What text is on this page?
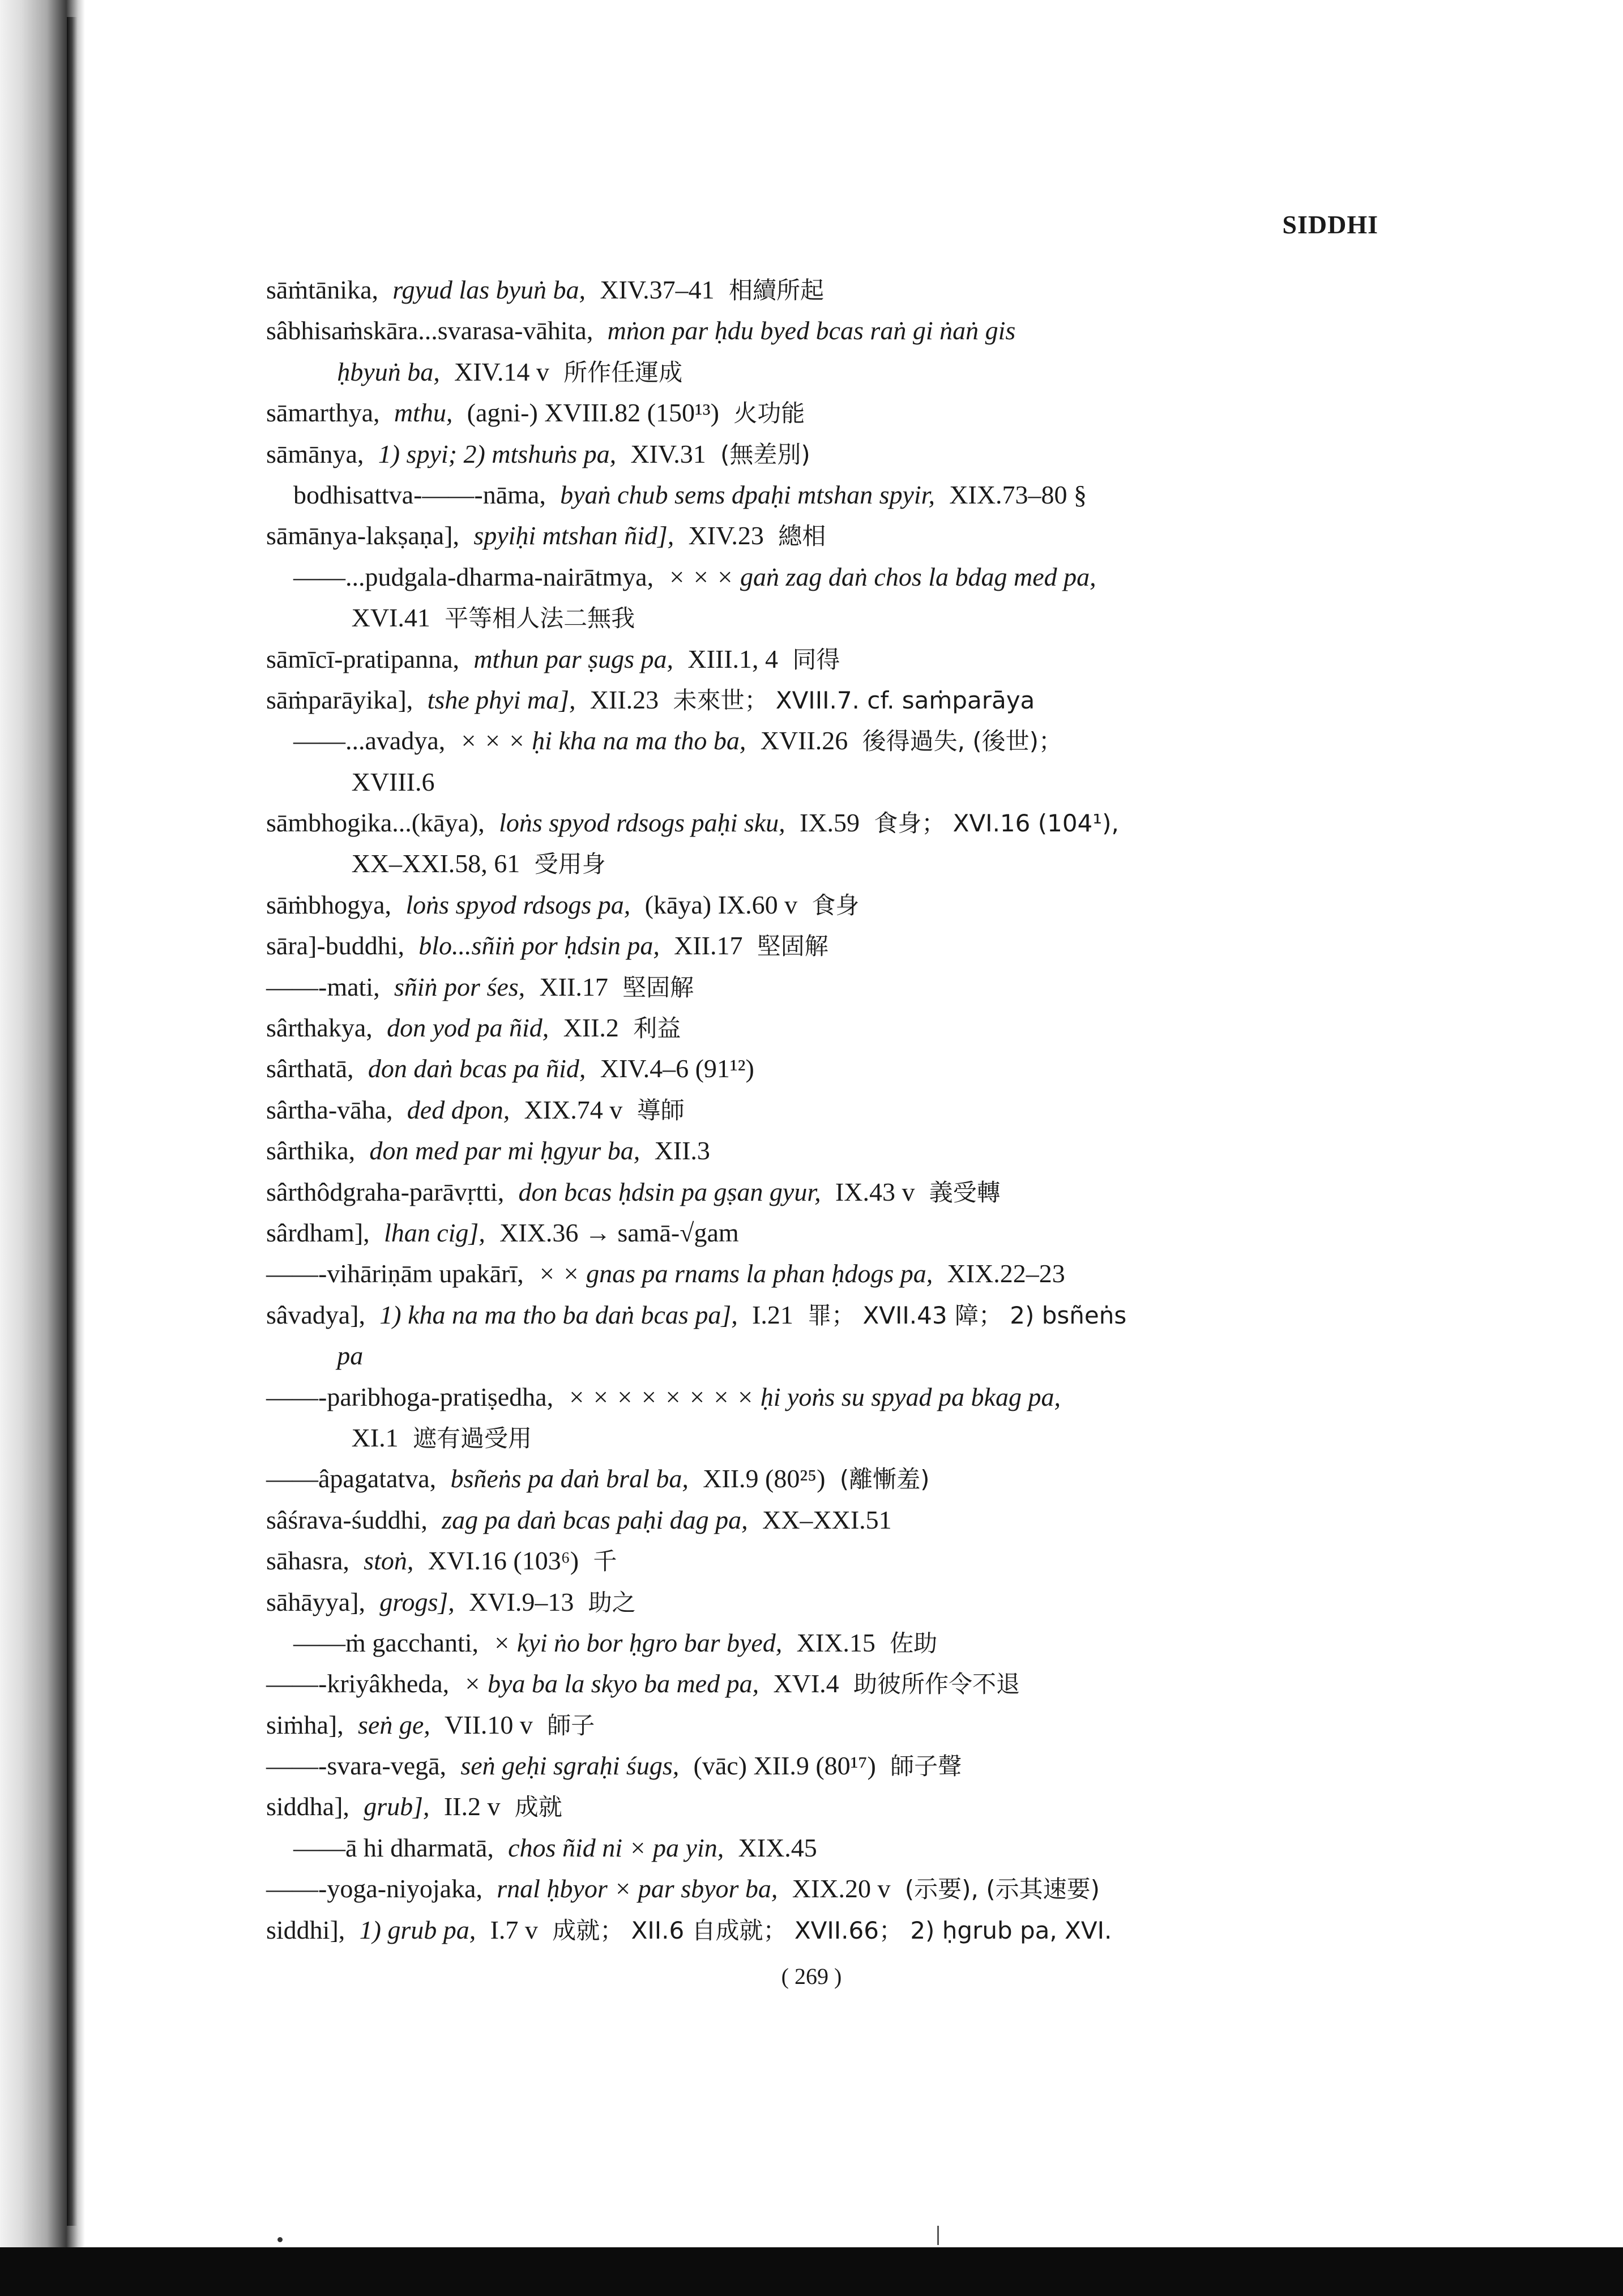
SIDDHI
sāṁtānika, rgyud las byuṅ ba, XIV.37–41 相續所起
sâbhisaṁskāra...svarasa-vāhita, mṅon par ḥdu byed bcas raṅ gi ṅaṅ gis
ḥbyuṅ ba, XIV.14 v 所作任運成
sāmarthya, mthu, (agni-) XVIII.82 (150¹³) 火功能
sāmānya, 1) spyi; 2) mtshuṅs pa, XIV.31 (無差別)
bodhisattva-——-nāma, byaṅ chub sems dpaḥi mtshan spyir, XIX.73–80 §
sāmānya-lakṣaṇa], spyiḥi mtshan ñid], XIV.23 總相
——...pudgala-dharma-nairātmya, × × × gaṅ zag daṅ chos la bdag med pa,
XVI.41 平等相人法二無我
sāmīcī-pratipanna, mthun par ṣugs pa, XIII.1, 4 同得
sāṁparāyika], tshe phyi ma], XII.23 未來世； XVIII.7. cf. saṁparāya
——...avadya, × × × ḥi kha na ma tho ba, XVII.26 後得過失, (後世)；
XVIII.6
sāmbhogika...(kāya), loṅs spyod rdsogs paḥi sku, IX.59 食身； XVI.16 (104¹),
XX–XXI.58, 61 受用身
sāṁbhogya, loṅs spyod rdsogs pa, (kāya) IX.60 v 食身
sāra]-buddhi, blo...sñiṅ por ḥdsin pa, XII.17 堅固解
——-mati, sñiṅ por śes, XII.17 堅固解
sârthakya, don yod pa ñid, XII.2 利益
sârthatā, don daṅ bcas pa ñid, XIV.4–6 (91¹²)
sârtha-vāha, ded dpon, XIX.74 v 導師
sârthika, don med par mi ḥgyur ba, XII.3
sârthôdgraha-parāvṛtti, don bcas ḥdsin pa gṣan gyur, IX.43 v 義受轉
sârdham], lhan cig], XIX.36 → samā-√gam
——-vihāriṇām upakārī, × × gnas pa rnams la phan ḥdogs pa, XIX.22–23
sâvadya], 1) kha na ma tho ba daṅ bcas pa], I.21 罪； XVII.43 障； 2) bsñeṅs
pa
——-paribhoga-pratiṣedha, × × × × × × × × ḥi yoṅs su spyad pa bkag pa,
XI.1 遮有過受用
——âpagatatva, bsñeṅs pa daṅ bral ba, XII.9 (80²⁵) (離慚羞)
sâśrava-śuddhi, zag pa daṅ bcas paḥi dag pa, XX–XXI.51
sāhasra, stoṅ, XVI.16 (103⁶) 千
sāhāyya], grogs], XVI.9–13 助之
——ṁ gacchanti, × kyi ṅo bor ḥgro bar byed, XIX.15 佐助
——-kriyâkheda, × bya ba la skyo ba med pa, XVI.4 助彼所作令不退
siṁha], seṅ ge, VII.10 v 師子
——-svara-vegā, seṅ geḥi sgraḥi śugs, (vāc) XII.9 (80¹⁷) 師子聲
siddha], grub], II.2 v 成就
——ā hi dharmatā, chos ñid ni × pa yin, XIX.45
——-yoga-niyojaka, rnal ḥbyor × par sbyor ba, XIX.20 v (示要), (示其速要)
siddhi], 1) grub pa, I.7 v 成就； XII.6 自成就； XVII.66； 2) ḥgrub pa, XVI.
( 269 )
